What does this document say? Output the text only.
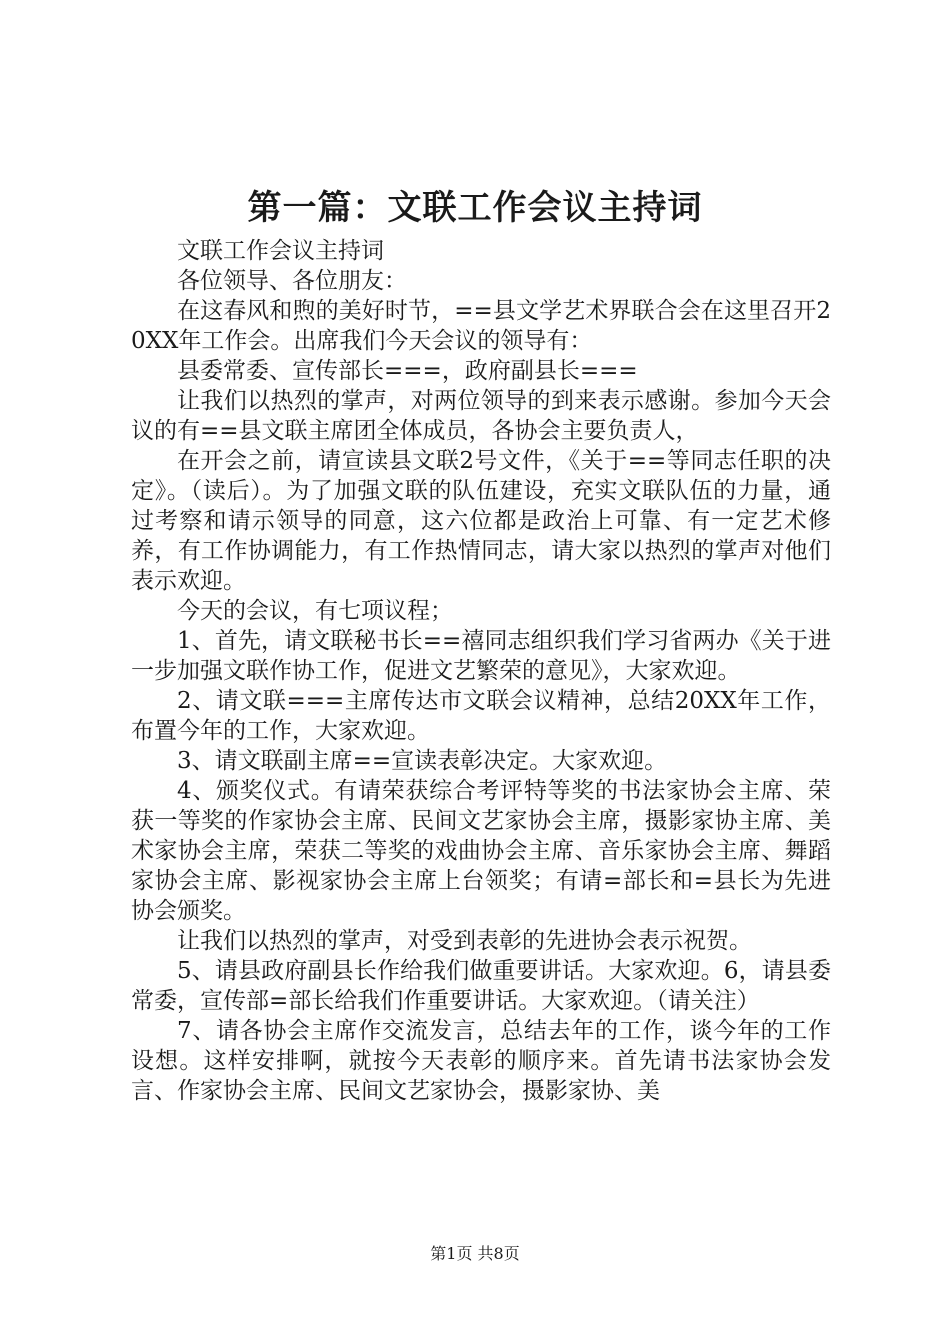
第一篇：文联工作会议主持词

文联工作会议主持词

各位领导、各位朋友：

在这春风和煦的美好时节，==县文学艺术界联合会在这里召开20XX年工作会。出席我们今天会议的领导有：

县委常委、宣传部长===，政府副县长===

让我们以热烈的掌声，对两位领导的到来表示感谢。参加今天会议的有==县文联主席团全体成员，各协会主要负责人，

在开会之前，请宣读县文联2号文件，《关于==等同志任职的决定》。（读后）。为了加强文联的队伍建设，充实文联队伍的力量，通过考察和请示领导的同意，这六位都是政治上可靠、有一定艺术修养，有工作协调能力，有工作热情同志，请大家以热烈的掌声对他们表示欢迎。

今天的会议，有七项议程；

1、首先，请文联秘书长==禧同志组织我们学习省两办《关于进一步加强文联作协工作，促进文艺繁荣的意见》，大家欢迎。

2、请文联===主席传达市文联会议精神，总结20XX年工作，布置今年的工作，大家欢迎。

3、请文联副主席==宣读表彰决定。大家欢迎。

4、颁奖仪式。有请荣获综合考评特等奖的书法家协会主席、荣获一等奖的作家协会主席、民间文艺家协会主席，摄影家协主席、美术家协会主席，荣获二等奖的戏曲协会主席、音乐家协会主席、舞蹈家协会主席、影视家协会主席上台领奖；有请=部长和=县长为先进协会颁奖。

让我们以热烈的掌声，对受到表彰的先进协会表示祝贺。

5、请县政府副县长作给我们做重要讲话。大家欢迎。6，请县委常委，宣传部=部长给我们作重要讲话。大家欢迎。（请关注）

7、请各协会主席作交流发言，总结去年的工作，谈今年的工作设想。这样安排啊，就按今天表彰的顺序来。首先请书法家协会发言、作家协会主席、民间文艺家协会，摄影家协、美

第1页 共8页
